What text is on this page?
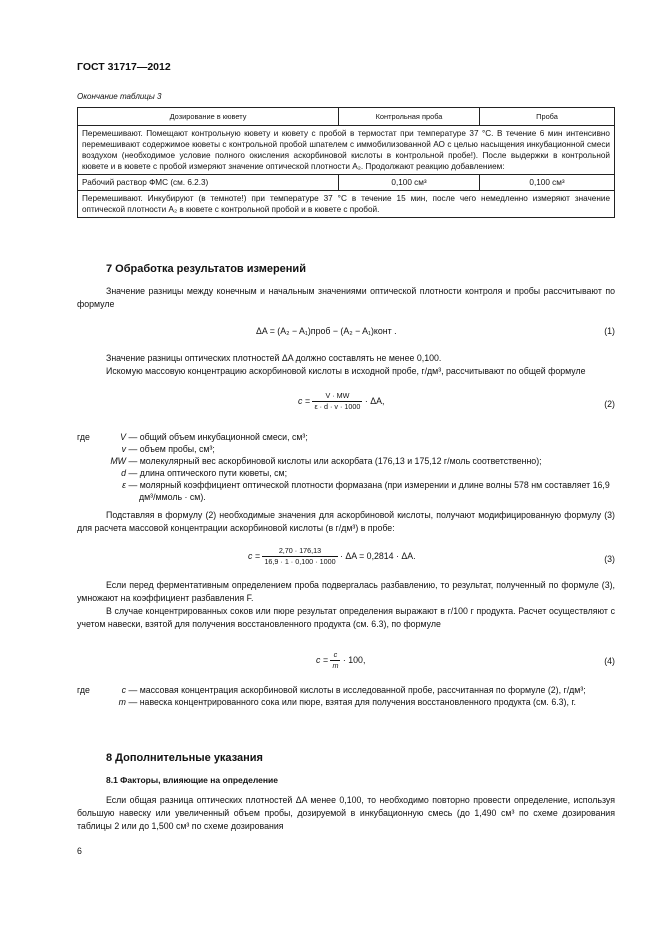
ГОСТ 31717—2012
Окончание таблицы 3
Дозирование в кювету	Контрольная проба	Проба
Перемешивают. Помещают контрольную кювету и кювету с пробой в термостат при температуре 37 °С. В течение 6 мин интенсивно перемешивают содержимое кюветы с контрольной пробой шпателем с иммобилизованной АО с целью насыщения инкубационной смеси воздухом (необходимое условие полного окисления аскорбиновой кислоты в контрольной пробе!). После выдержки в контрольной кювете и в кювете с пробой измеряют значение оптической плотности A₂. Продолжают реакцию добавлением:		
Рабочий раствор ФМС (см. 6.2.3)	0,100 см³	0,100 см³
Перемешивают. Инкубируют (в темноте!) при температуре 37 °С в течение 15 мин, после чего немедленно измеряют значение оптической плотности A₂ в кювете с контрольной пробой и в кювете с пробой.		
7 Обработка результатов измерений
Значение разницы между конечным и начальным значениями оптической плотности контроля и пробы рассчитывают по формуле
ΔA = (A₂ − A₁)проб − (A₂ − A₁)конт .	(1)
Значение разницы оптических плотностей ΔA должно составлять не менее 0,100.
Искомую массовую концентрацию аскорбиновой кислоты в исходной пробе, г/дм³, рассчитывают по общей формуле
$c = \frac{V \cdot MW}{\varepsilon \cdot d \cdot v \cdot 1000} \cdot \Delta A$,	(2)
где	V — общий объем инкубационной смеси, см³;
v — объем пробы, см³;
MW — молекулярный вес аскорбиновой кислоты или аскорбата (176,13 и 175,12 г/моль соответственно);
d — длина оптического пути кюветы, см;
ε — молярный коэффициент оптической плотности формазана (при измерении и длине волны 578 нм составляет 16,9 дм³/ммоль · см).
Подставляя в формулу (2) необходимые значения для аскорбиновой кислоты, получают модифицированную формулу (3) для расчета массовой концентрации аскорбиновой кислоты (в г/дм³) в пробе:
$c = \frac{2,70 \cdot 176,13}{16,9 \cdot 1 \cdot 0,100 \cdot 1000} \cdot \Delta A = 0,2814 \cdot \Delta A$.	(3)
Если перед ферментативным определением проба подвергалась разбавлению, то результат, полученный по формуле (3), умножают на коэффициент разбавления F.
В случае концентрированных соков или пюре результат определения выражают в г/100 г продукта. Расчет осуществляют с учетом навески, взятой для получения восстановленного продукта (см. 6.3), по формуле
$c = \frac{c}{m} \cdot 100$,	(4)
где	c — массовая концентрация аскорбиновой кислоты в исследованной пробе, рассчитанная по формуле (2), г/дм³;
m — навеска концентрированного сока или пюре, взятая для получения восстановленного продукта (см. 6.3), г.
8 Дополнительные указания
8.1 Факторы, влияющие на определение
Если общая разница оптических плотностей ΔA менее 0,100, то необходимо повторно провести определение, используя большую навеску или увеличенный объем пробы, дозируемой в инкубационную смесь (до 1,490 см³ по схеме дозирования таблицы 2 или до 1,500 см³ по схеме дозирования
6
